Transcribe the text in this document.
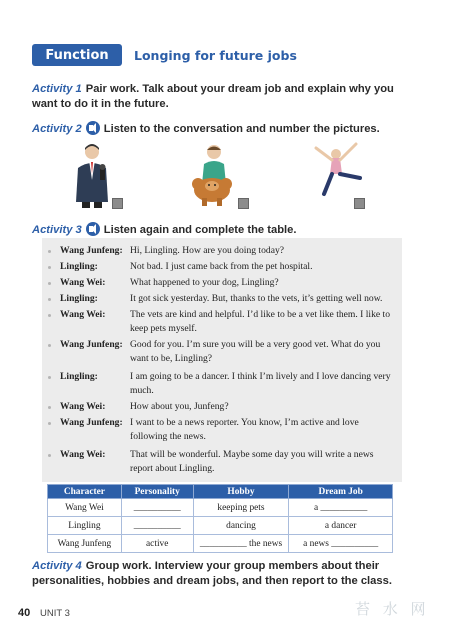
Function	Longing for future jobs
Activity 1 Pair work. Talk about your dream job and explain why you want to do it in the future.
Activity 2 Listen to the conversation and number the pictures.
Activity 3 Listen again and complete the table.
Wang Junfeng: Hi, Lingling. How are you doing today?
Lingling:	Not bad. I just came back from the pet hospital.
Wang Wei:	What happened to your dog, Lingling?
Lingling:	It got sick yesterday. But, thanks to the vets, it’s getting well now.
Wang Wei:	The vets are kind and helpful. I’d like to be a vet like them. I like to keep pets myself.
Wang Junfeng: Good for you. I’m sure you will be a very good vet. What do you want to be, Lingling?
Lingling:	I am going to be a dancer. I think I’m lively and I love dancing very much.
Wang Wei:	How about you, Junfeng?
Wang Junfeng: I want to be a news reporter. You know, I’m active and love following the news.
Wang Wei:	That will be wonderful. Maybe some day you will write a news report about Lingling.
Character	Personality	Hobby	Dream Job
Wang Wei	__________	keeping pets	a __________
Lingling	__________	dancing	a dancer
Wang Junfeng	active	__________ the news	a news __________
Activity 4 Group work. Interview your group members about their personalities, hobbies and dream jobs, and then report to the class.
40 UNIT 3	苔 水 网
